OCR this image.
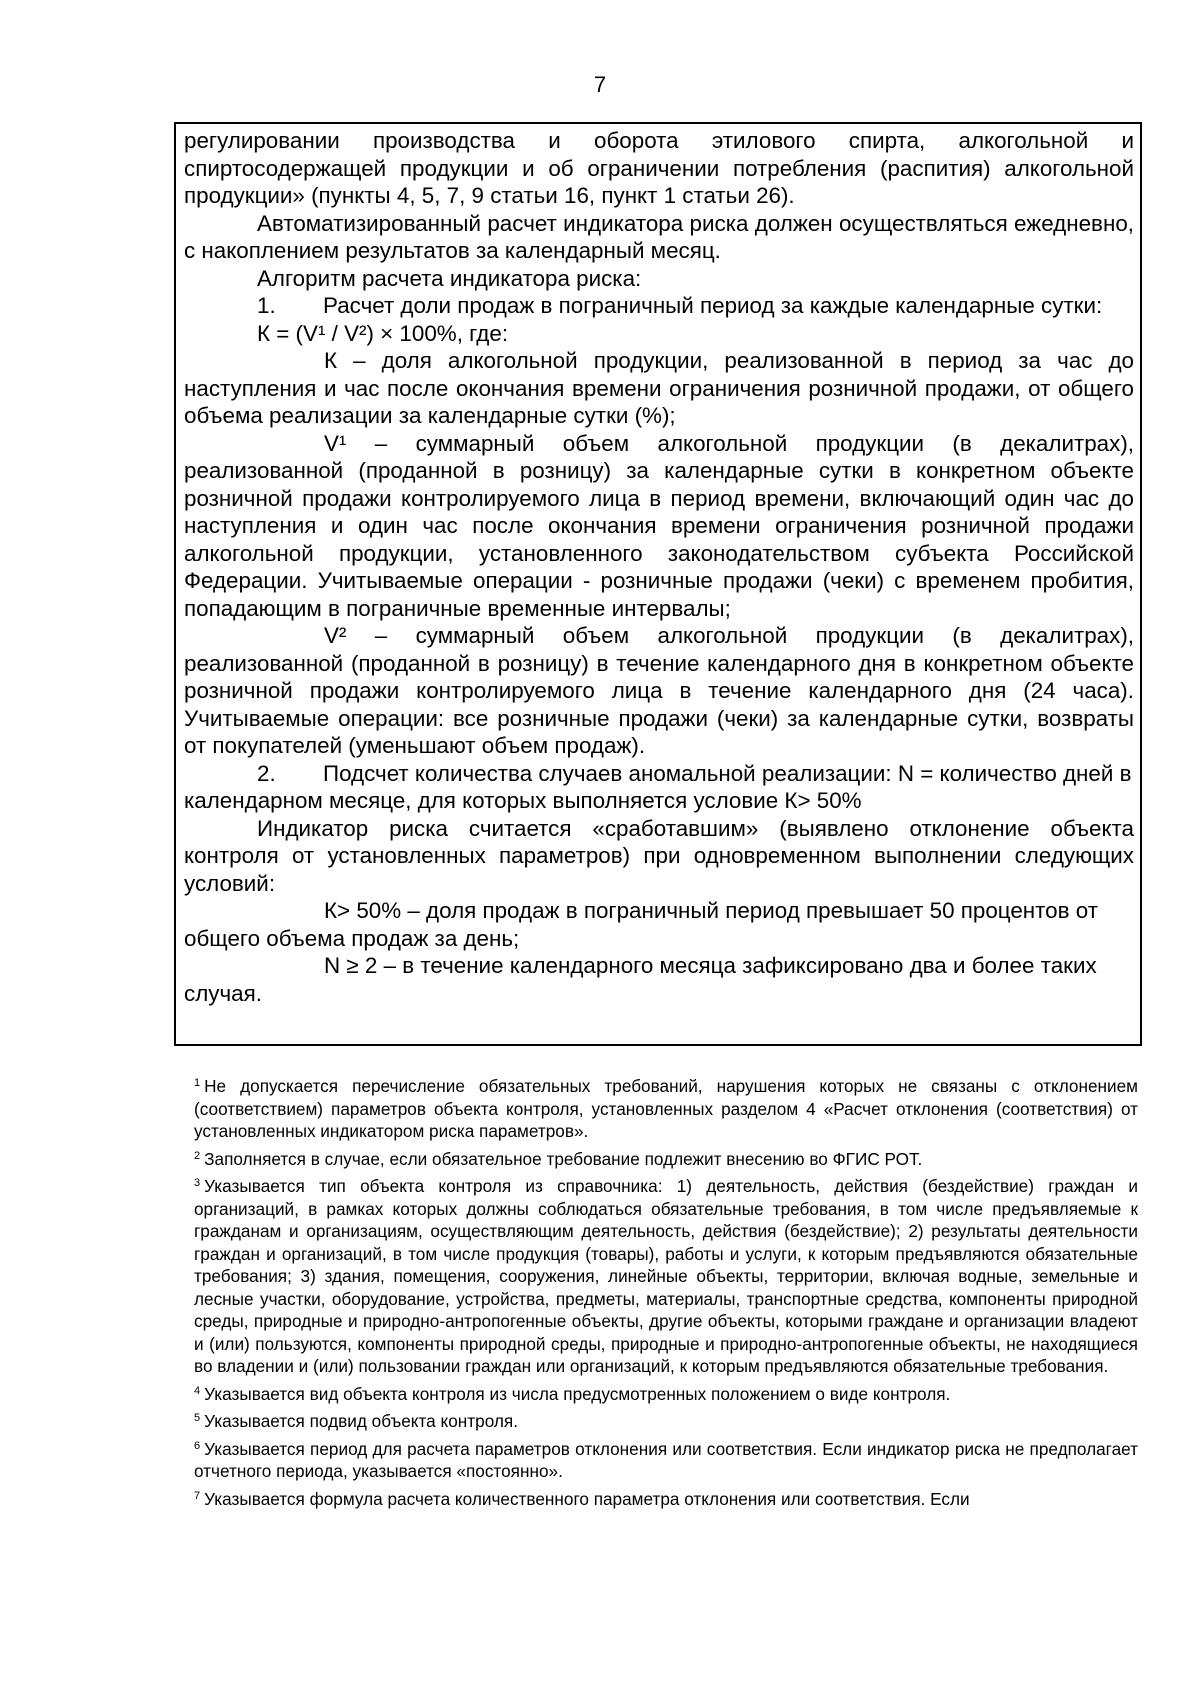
7

регулировании производства и оборота этилового спирта, алкогольной и спиртосодержащей продукции и об ограничении потребления (распития) алкогольной продукции» (пункты 4, 5, 7, 9 статьи 16, пункт 1 статьи 26).

Автоматизированный расчет индикатора риска должен осуществляться ежедневно, с накоплением результатов за календарный месяц.

Алгоритм расчета индикатора риска:

1. Расчет доли продаж в пограничный период за каждые календарные сутки:

К = (V¹ / V²) × 100%, где:

К – доля алкогольной продукции, реализованной в период за час до наступления и час после окончания времени ограничения розничной продажи, от общего объема реализации за календарные сутки (%);

V¹ – суммарный объем алкогольной продукции (в декалитрах), реализованной (проданной в розницу) за календарные сутки в конкретном объекте розничной продажи контролируемого лица в период времени, включающий один час до наступления и один час после окончания времени ограничения розничной продажи алкогольной продукции, установленного законодательством субъекта Российской Федерации. Учитываемые операции - розничные продажи (чеки) с временем пробития, попадающим в пограничные временные интервалы;

V² – суммарный объем алкогольной продукции (в декалитрах), реализованной (проданной в розницу) в течение календарного дня в конкретном объекте розничной продажи контролируемого лица в течение календарного дня (24 часа). Учитываемые операции: все розничные продажи (чеки) за календарные сутки, возвраты от покупателей (уменьшают объем продаж).

2. Подсчет количества случаев аномальной реализации: N = количество дней в календарном месяце, для которых выполняется условие К> 50%

Индикатор риска считается «сработавшим» (выявлено отклонение объекта контроля от установленных параметров) при одновременном выполнении следующих условий:

К> 50% – доля продаж в пограничный период превышает 50 процентов от общего объема продаж за день;

N ≥ 2 – в течение календарного месяца зафиксировано два и более таких случая.

$^1$ Не допускается перечисление обязательных требований, нарушения которых не связаны с отклонением (соответствием) параметров объекта контроля, установленных разделом 4 «Расчет отклонения (соответствия) от установленных индикатором риска параметров».

$^2$ Заполняется в случае, если обязательное требование подлежит внесению во ФГИС РОТ.

$^3$ Указывается тип объекта контроля из справочника: 1) деятельность, действия (бездействие) граждан и организаций, в рамках которых должны соблюдаться обязательные требования, в том числе предъявляемые к гражданам и организациям, осуществляющим деятельность, действия (бездействие); 2) результаты деятельности граждан и организаций, в том числе продукция (товары), работы и услуги, к которым предъявляются обязательные требования; 3) здания, помещения, сооружения, линейные объекты, территории, включая водные, земельные и лесные участки, оборудование, устройства, предметы, материалы, транспортные средства, компоненты природной среды, природные и природно-антропогенные объекты, другие объекты, которыми граждане и организации владеют и (или) пользуются, компоненты природной среды, природные и природно-антропогенные объекты, не находящиеся во владении и (или) пользовании граждан или организаций, к которым предъявляются обязательные требования.

$^4$ Указывается вид объекта контроля из числа предусмотренных положением о виде контроля.

$^5$ Указывается подвид объекта контроля.

$^6$ Указывается период для расчета параметров отклонения или соответствия. Если индикатор риска не предполагает отчетного периода, указывается «постоянно».

$^7$ Указывается формула расчета количественного параметра отклонения или соответствия. Если
